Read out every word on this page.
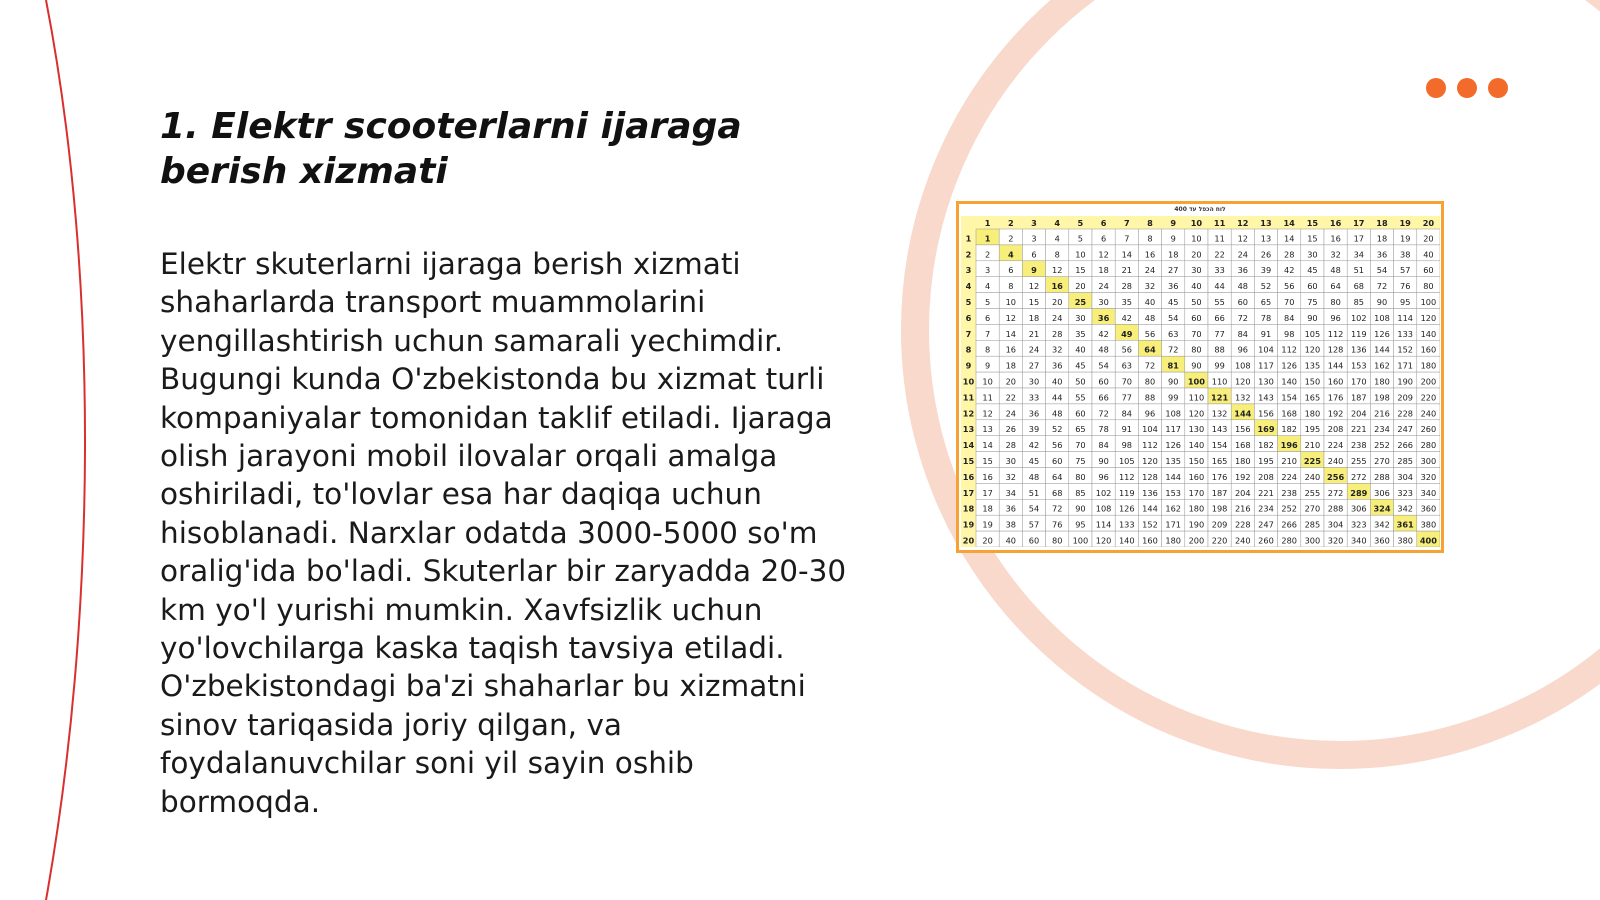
1. Elektr scooterlarni ijaraga berish xizmati

Elektr skuterlarni ijaraga berish xizmati shaharlarda transport muammolarini yengillashtirish uchun samarali yechimdir. Bugungi kunda O'zbekistonda bu xizmat turli kompaniyalar tomonidan taklif etiladi. Ijaraga olish jarayoni mobil ilovalar orqali amalga oshiriladi, to'lovlar esa har daqiqa uchun hisoblanadi. Narxlar odatda 3000-5000 so'm oralig'ida bo'ladi. Skuterlar bir zaryadda 20-30 km yo'l yurishi mumkin. Xavfsizlik uchun yo'lovchilarga kaska taqish tavsiya etiladi. O'zbekistondagi ba'zi shaharlar bu xizmatni sinov tariqasida joriy qilgan, va foydalanuvchilar soni yil sayin oshib bormoqda.

לוח הכפל עד 400
1 2 3 4 5 6 7 8 9 10 11 12 13 14 15 16 17 18 19 20
1 1 2 3 4 5 6 7 8 9 10 11 12 13 14 15 16 17 18 19 20
2 2 4 6 8 10 12 14 16 18 20 22 24 26 28 30 32 34 36 38 40
3 3 6 9 12 15 18 21 24 27 30 33 36 39 42 45 48 51 54 57 60
4 4 8 12 16 20 24 28 32 36 40 44 48 52 56 60 64 68 72 76 80
5 5 10 15 20 25 30 35 40 45 50 55 60 65 70 75 80 85 90 95 100
6 6 12 18 24 30 36 42 48 54 60 66 72 78 84 90 96 102 108 114 120
7 7 14 21 28 35 42 49 56 63 70 77 84 91 98 105 112 119 126 133 140
8 8 16 24 32 40 48 56 64 72 80 88 96 104 112 120 128 136 144 152 160
9 9 18 27 36 45 54 63 72 81 90 99 108 117 126 135 144 153 162 171 180
10 10 20 30 40 50 60 70 80 90 100 110 120 130 140 150 160 170 180 190 200
11 11 22 33 44 55 66 77 88 99 110 121 132 143 154 165 176 187 198 209 220
12 12 24 36 48 60 72 84 96 108 120 132 144 156 168 180 192 204 216 228 240
13 13 26 39 52 65 78 91 104 117 130 143 156 169 182 195 208 221 234 247 260
14 14 28 42 56 70 84 98 112 126 140 154 168 182 196 210 224 238 252 266 280
15 15 30 45 60 75 90 105 120 135 150 165 180 195 210 225 240 255 270 285 300
16 16 32 48 64 80 96 112 128 144 160 176 192 208 224 240 256 272 288 304 320
17 17 34 51 68 85 102 119 136 153 170 187 204 221 238 255 272 289 306 323 340
18 18 36 54 72 90 108 126 144 162 180 198 216 234 252 270 288 306 324 342 360
19 19 38 57 76 95 114 133 152 171 190 209 228 247 266 285 304 323 342 361 380
20 20 40 60 80 100 120 140 160 180 200 220 240 260 280 300 320 340 360 380 400
